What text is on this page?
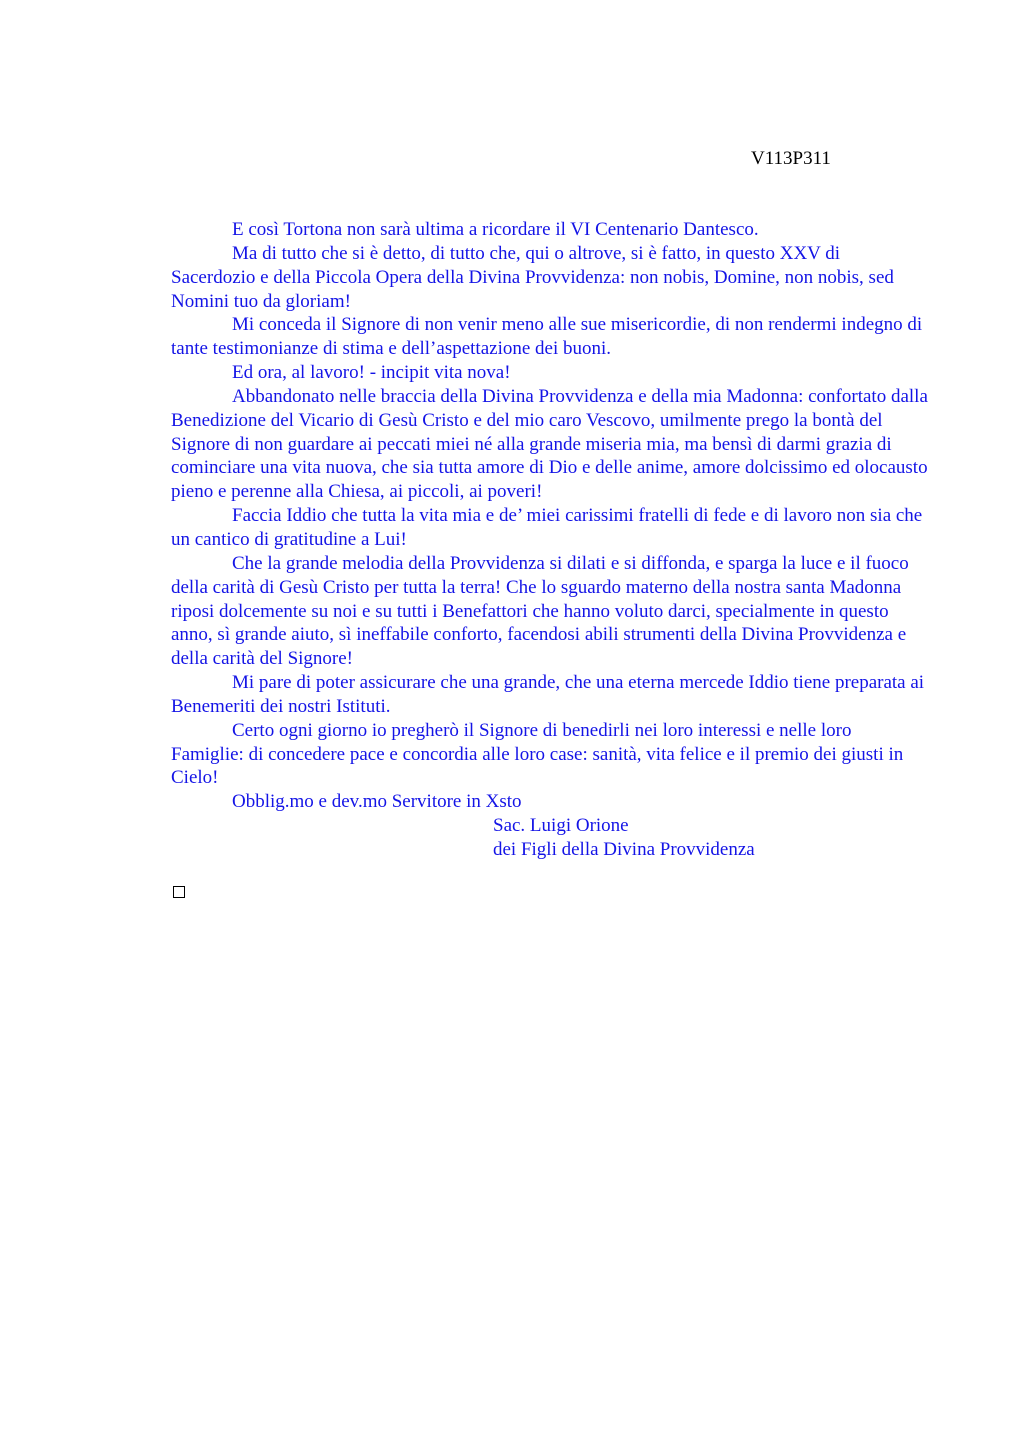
V113P311

E così Tortona non sarà ultima a ricordare il VI Centenario Dantesco.

Ma di tutto che si è detto, di tutto che, qui o altrove, si è fatto, in questo XXV di Sacerdozio e della Piccola Opera della Divina Provvidenza: non nobis, Domine, non nobis, sed Nomini tuo da gloriam!

Mi conceda il Signore di non venir meno alle sue misericordie, di non rendermi indegno di tante testimonianze di stima e dell’aspettazione dei buoni.

Ed ora, al lavoro! - incipit vita nova!

Abbandonato nelle braccia della Divina Provvidenza e della mia Madonna: confortato dalla Benedizione del Vicario di Gesù Cristo e del mio caro Vescovo, umilmente prego la bontà del Signore di non guardare ai peccati miei né alla grande miseria mia, ma bensì di darmi grazia di cominciare una vita nuova, che sia tutta amore di Dio e delle anime, amore dolcissimo ed olocausto pieno e perenne alla Chiesa, ai piccoli, ai poveri!

Faccia Iddio che tutta la vita mia e de’ miei carissimi fratelli di fede e di lavoro non sia che un cantico di gratitudine a Lui!

Che la grande melodia della Provvidenza si dilati e si diffonda, e sparga la luce e il fuoco della carità di Gesù Cristo per tutta la terra! Che lo sguardo materno della nostra santa Madonna riposi dolcemente su noi e su tutti i Benefattori che hanno voluto darci, specialmente in questo anno, sì grande aiuto, sì ineffabile conforto, facendosi abili strumenti della Divina Provvidenza e della carità del Signore!

Mi pare di poter assicurare che una grande, che una eterna mercede Iddio tiene preparata ai Benemeriti dei nostri Istituti.

Certo ogni giorno io pregherò il Signore di benedirli nei loro interessi e nelle loro Famiglie: di concedere pace e concordia alle loro case: sanità, vita felice e il premio dei giusti in Cielo!

Obblig.mo e dev.mo Servitore in Xsto

Sac. Luigi Orione

dei Figli della Divina Provvidenza
